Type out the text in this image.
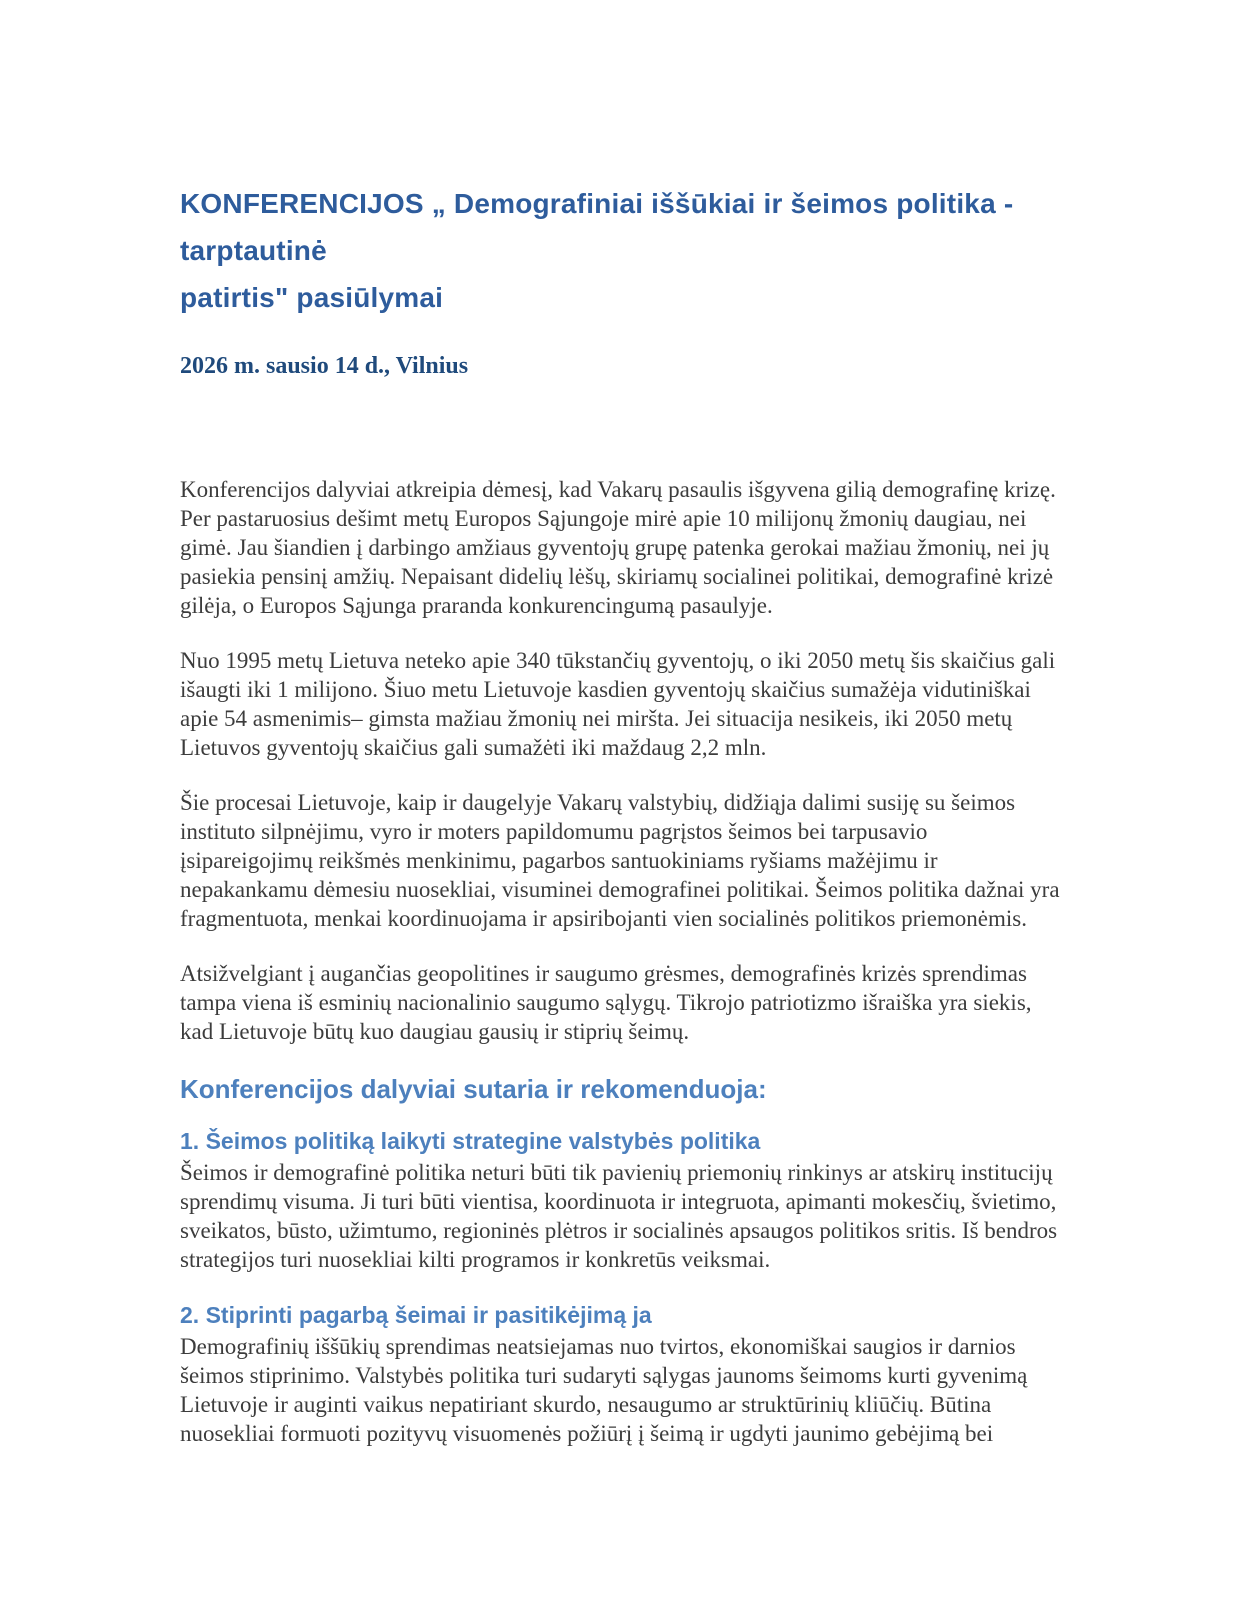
KONFERENCIJOS „ Demografiniai iššūkiai ir šeimos politika - tarptautinė
patirtis" pasiūlymai
2026 m. sausio 14 d., Vilnius

Konferencijos dalyviai atkreipia dėmesį, kad Vakarų pasaulis išgyvena gilią demografinę krizę. Per pastaruosius dešimt metų Europos Sąjungoje mirė apie 10 milijonų žmonių daugiau, nei gimė. Jau šiandien į darbingo amžiaus gyventojų grupę patenka gerokai mažiau žmonių, nei jų pasiekia pensinį amžių. Nepaisant didelių lėšų, skiriamų socialinei politikai, demografinė krizė gilėja, o Europos Sąjunga praranda konkurencingumą pasaulyje.

Nuo 1995 metų Lietuva neteko apie 340 tūkstančių gyventojų, o iki 2050 metų šis skaičius gali išaugti iki 1 milijono. Šiuo metu Lietuvoje kasdien gyventojų skaičius sumažėja vidutiniškai apie 54 asmenimis– gimsta mažiau žmonių nei miršta. Jei situacija nesikeis, iki 2050 metų Lietuvos gyventojų skaičius gali sumažėti iki maždaug 2,2 mln.

Šie procesai Lietuvoje, kaip ir daugelyje Vakarų valstybių, didžiąja dalimi susiję su šeimos instituto silpnėjimu, vyro ir moters papildomumu pagrįstos šeimos bei tarpusavio įsipareigojimų reikšmės menkinimu, pagarbos santuokiniams ryšiams mažėjimu ir nepakankamu dėmesiu nuosekliai, visuminei demografinei politikai. Šeimos politika dažnai yra fragmentuota, menkai koordinuojama ir apsiribojanti vien socialinės politikos priemonėmis.

Atsižvelgiant į augančias geopolitines ir saugumo grėsmes, demografinės krizės sprendimas tampa viena iš esminių nacionalinio saugumo sąlygų. Tikrojo patriotizmo išraiška yra siekis, kad Lietuvoje būtų kuo daugiau gausių ir stiprių šeimų.

Konferencijos dalyviai sutaria ir rekomenduoja:
1. Šeimos politiką laikyti strategine valstybės politika

Šeimos ir demografinė politika neturi būti tik pavienių priemonių rinkinys ar atskirų institucijų sprendimų visuma. Ji turi būti vientisa, koordinuota ir integruota, apimanti mokesčių, švietimo, sveikatos, būsto, užimtumo, regioninės plėtros ir socialinės apsaugos politikos sritis. Iš bendros strategijos turi nuosekliai kilti programos ir konkretūs veiksmai.

2. Stiprinti pagarbą šeimai ir pasitikėjimą ja

Demografinių iššūkių sprendimas neatsiejamas nuo tvirtos, ekonomiškai saugios ir darnios šeimos stiprinimo. Valstybės politika turi sudaryti sąlygas jaunoms šeimoms kurti gyvenimą Lietuvoje ir auginti vaikus nepatiriant skurdo, nesaugumo ar struktūrinių kliūčių. Būtina nuosekliai formuoti pozityvų visuomenės požiūrį į šeimą ir ugdyti jaunimo gebėjimą bei
